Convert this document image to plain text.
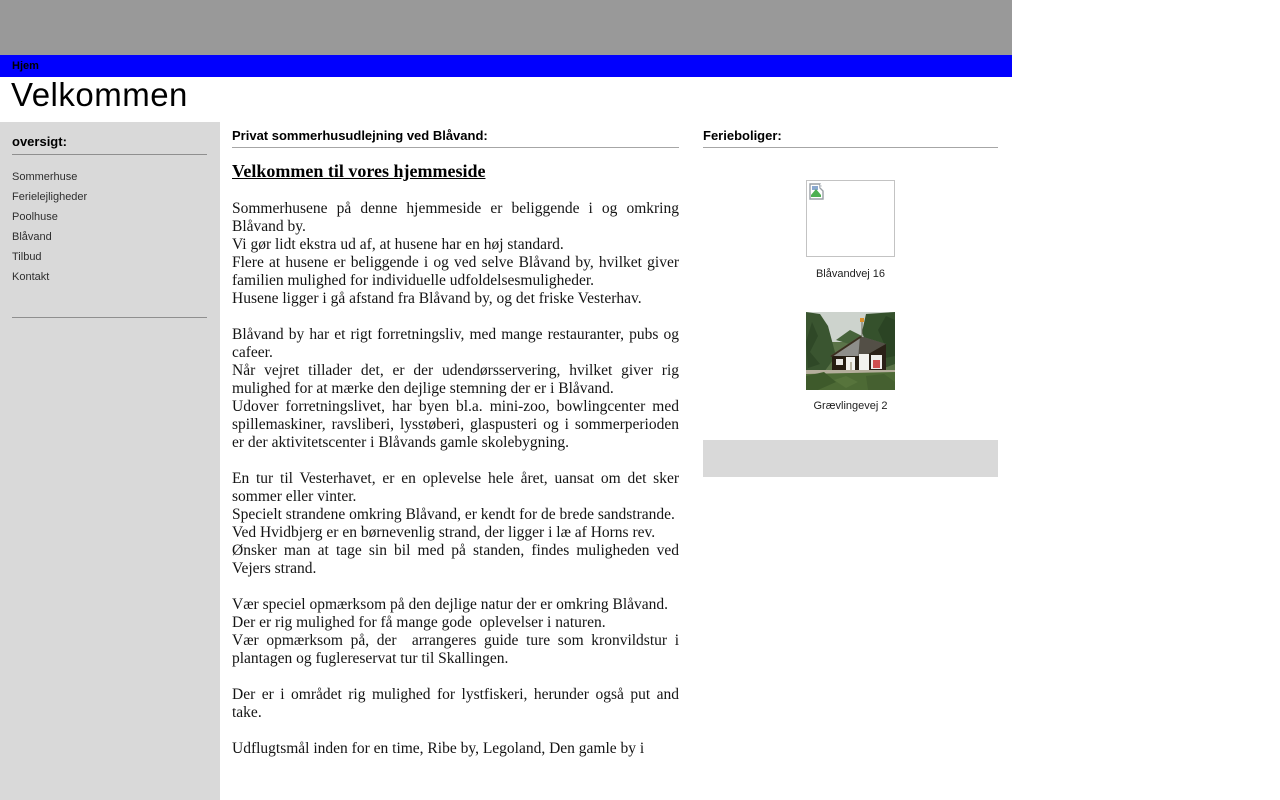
Hjem
Velkommen
oversigt:
Sommerhuse
Ferielejligheder
Poolhuse
Blåvand
Tilbud
Kontakt
Privat sommerhusudlejning ved Blåvand:
Velkommen til vores hjemmeside
Sommerhusene på denne hjemmeside er beliggende i og omkring Blåvand by.
Vi gør lidt ekstra ud af, at husene har en høj standard.
Flere at husene er beliggende i og ved selve Blåvand by, hvilket giver familien mulighed for individuelle udfoldelsesmuligheder.
Husene ligger i gå afstand fra Blåvand by, og det friske Vesterhav.
Blåvand by har et rigt forretningsliv, med mange restauranter, pubs og cafeer.
Når vejret tillader det, er der udendørsservering, hvilket giver rig mulighed for at mærke den dejlige stemning der er i Blåvand.
Udover forretningslivet, har byen bl.a. mini-zoo, bowlingcenter med spillemaskiner, ravsliberi, lysstøberi, glaspusteri og i sommerperioden er der aktivitetscenter i Blåvands gamle skolebygning.
En tur til Vesterhavet, er en oplevelse hele året, uansat om det sker sommer eller vinter.
Specielt strandene omkring Blåvand, er kendt for de brede sandstrande.
Ved Hvidbjerg er en børnevenlig strand, der ligger i læ af Horns rev.
Ønsker man at tage sin bil med på standen, findes muligheden ved Vejers strand.
Vær speciel opmærksom på den dejlige natur der er omkring Blåvand.
Der er rig mulighed for få mange gode  oplevelser i naturen.
Vær opmærksom på, der  arrangeres guide ture som kronvildstur i plantagen og fuglereservat tur til Skallingen.
Der er i området rig mulighed for lystfiskeri, herunder også put and take.
Udflugtsmål inden for en time, Ribe by, Legoland, Den gamle by i
Ferieboliger:
Blåvandvej 16
Grævlingevej 2
